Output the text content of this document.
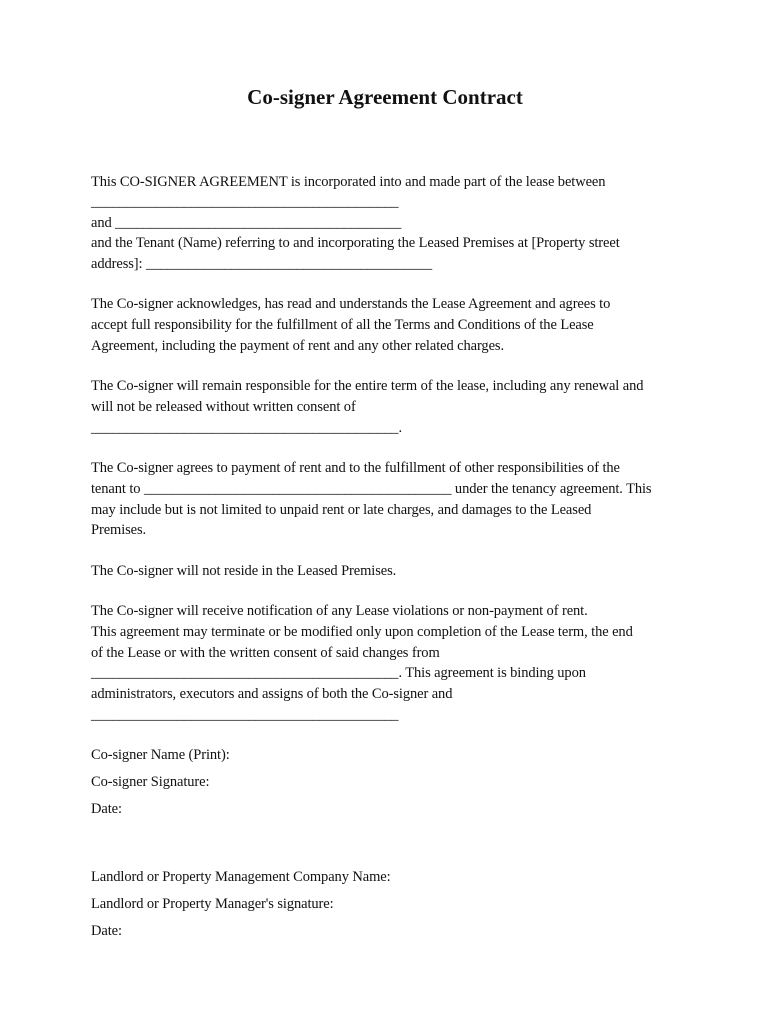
Co-signer Agreement Contract
This CO-SIGNER AGREEMENT is incorporated into and made part of the lease between
___________________________________________
and ________________________________________
and the Tenant (Name) referring to and incorporating the Leased Premises at [Property street
address]: ________________________________________
The Co-signer acknowledges, has read and understands the Lease Agreement and agrees to
accept full responsibility for the fulfillment of all the Terms and Conditions of the Lease
Agreement, including the payment of rent and any other related charges.
The Co-signer will remain responsible for the entire term of the lease, including any renewal and
will not be released without written consent of
___________________________________________.
The Co-signer agrees to payment of rent and to the fulfillment of other responsibilities of the
tenant to ___________________________________________ under the tenancy agreement. This
may include but is not limited to unpaid rent or late charges, and damages to the Leased
Premises.
The Co-signer will not reside in the Leased Premises.
The Co-signer will receive notification of any Lease violations or non-payment of rent.
This agreement may terminate or be modified only upon completion of the Lease term, the end
of the Lease or with the written consent of said changes from
___________________________________________. This agreement is binding upon
administrators, executors and assigns of both the Co-signer and
___________________________________________
Co-signer Name (Print):
Co-signer Signature:
Date:
Landlord or Property Management Company Name:
Landlord or Property Manager's signature:
Date:
